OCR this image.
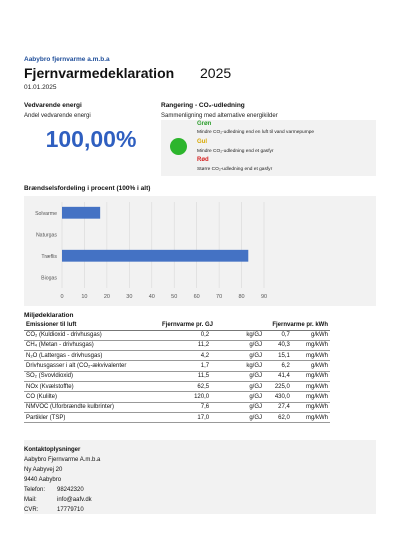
Aabybro fjernvarme a.m.b.a
Fjernvarmedeklaration 2025
01.01.2025
Vedvarende energi
Andel vedvarende energi
100,00%
Rangering - CO₂-udledning
Sammenligning med alternative energikilder
Grøn
Mindre CO₂-udledning end en luft til vand varmepumpe
Gul
Mindre CO₂-udledning end et gasfyr
Rød
Større CO₂-udledning end et gasfyr
Brændselsfordeling i procent (100% i alt)
0	10	20	30	40	50	60	70	80	90
Solvarme
Naturgas
Træflis
Biogas
Miljødeklaration
Emissioner til luft	Fjernvarme pr. GJ		Fjernvarme pr. kWh	
CO₂ (Kuldioxid - drivhusgas)	0,2	kg/GJ	0,7	g/kWh
CH₄ (Metan - drivhusgas)	11,2	g/GJ	40,3	mg/kWh
N₂O (Lattergas - drivhusgas)	4,2	g/GJ	15,1	mg/kWh
Drivhusgasser i alt (CO₂-ækvivalenter	1,7	kg/GJ	6,2	g/kWh
SO₂ (Svovldioxid)	11,5	g/GJ	41,4	mg/kWh
NOx (Kvælstoffte)	62,5	g/GJ	225,0	mg/kWh
CO (Kulilte)	120,0	g/GJ	430,0	mg/kWh
NMVOC (Uforbrændte kulbrinter)	7,6	g/GJ	27,4	mg/kWh
Partikler (TSP)	17,0	g/GJ	62,0	mg/kWh
Kontaktoplysninger
Aabybro Fjernvarme A.m.b.a
Ny Aabyvej 20
9440 Aabybro
Telefon: 98242320
Mail:	info@aafv.dk
CVR:	17779710
